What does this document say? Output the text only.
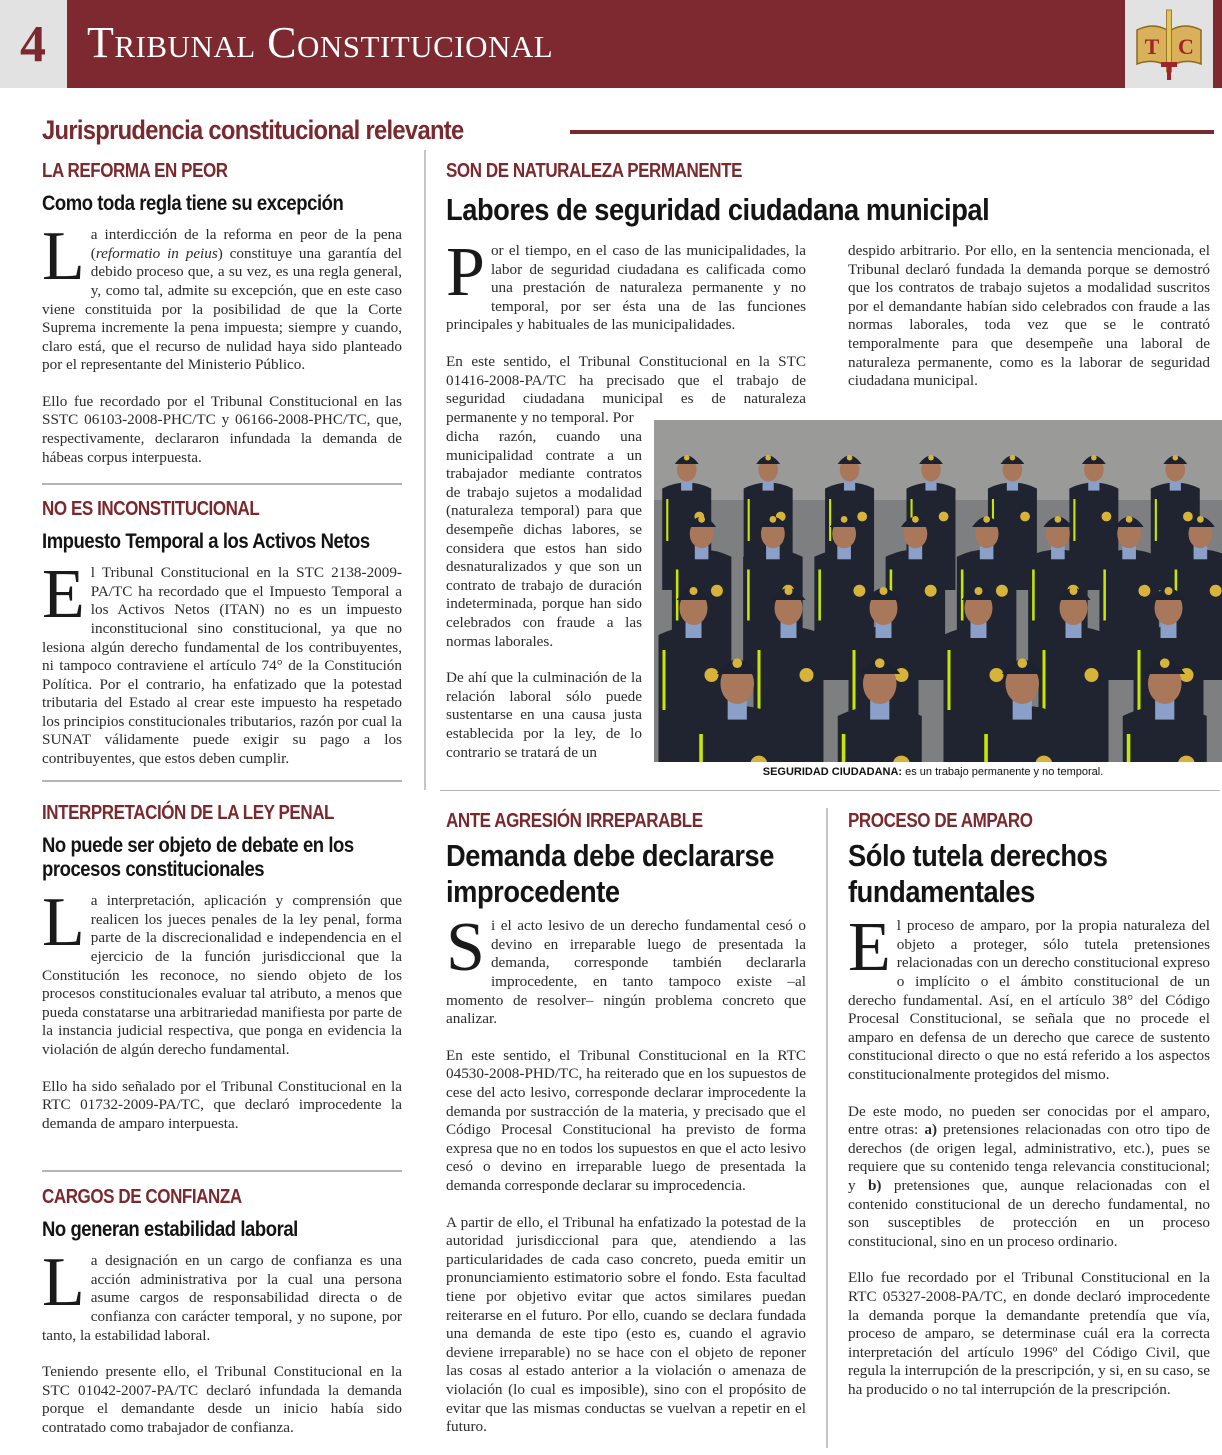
4 Tribunal Constitucional	T C
Jurisprudencia constitucional relevante
LA REFORMA EN PEOR
Como toda regla tiene su excepción

La interdicción de la reforma en peor de la pena (reformatio in peius) constituye una garantía del debido proceso que, a su vez, es una regla general, y, como tal, admite su excepción, que en este caso viene constituida por la posibilidad de que la Corte Suprema incremente la pena impuesta; siempre y cuando, claro está, que el recurso de nulidad haya sido planteado por el representante del Ministerio Público.

Ello fue recordado por el Tribunal Constitucional en las SSTC 06103-2008-PHC/TC y 06166-2008-PHC/TC, que, respectivamente, declararon infundada la demanda de hábeas corpus interpuesta.

NO ES INCONSTITUCIONAL
Impuesto Temporal a los Activos Netos

El Tribunal Constitucional en la STC 2138-2009-PA/TC ha recordado que el Impuesto Temporal a los Activos Netos (ITAN) no es un impuesto inconstitucional sino constitucional, ya que no lesiona algún derecho fundamental de los contribuyentes, ni tampoco contraviene el artículo 74° de la Constitución Política. Por el contrario, ha enfatizado que la potestad tributaria del Estado al crear este impuesto ha respetado los principios constitucionales tributarios, razón por cual la SUNAT válidamente puede exigir su pago a los contribuyentes, que estos deben cumplir.

INTERPRETACIÓN DE LA LEY PENAL
No puede ser objeto de debate en los procesos constitucionales

La interpretación, aplicación y comprensión que realicen los jueces penales de la ley penal, forma parte de la discrecionalidad e independencia en el ejercicio de la función jurisdiccional que la Constitución les reconoce, no siendo objeto de los procesos constitucionales evaluar tal atributo, a menos que pueda constatarse una arbitrariedad manifiesta por parte de la instancia judicial respectiva, que ponga en evidencia la violación de algún derecho fundamental.

Ello ha sido señalado por el Tribunal Constitucional en la RTC 01732-2009-PA/TC, que declaró improcedente la demanda de amparo interpuesta.

CARGOS DE CONFIANZA
No generan estabilidad laboral

La designación en un cargo de confianza es una acción administrativa por la cual una persona asume cargos de responsabilidad directa o de confianza con carácter temporal, y no supone, por tanto, la estabilidad laboral.

Teniendo presente ello, el Tribunal Constitucional en la STC 01042-2007-PA/TC declaró infundada la demanda porque el demandante desde un inicio había sido contratado como trabajador de confianza.

SON DE NATURALEZA PERMANENTE
Labores de seguridad ciudadana municipal

Por el tiempo, en el caso de las municipalidades, la labor de seguridad ciudadana es calificada como una prestación de naturaleza permanente y no temporal, por ser ésta una de las funciones principales y habituales de las municipalidades.

En este sentido, el Tribunal Constitucional en la STC 01416-2008-PA/TC ha precisado que el trabajo de seguridad ciudadana municipal es de naturaleza permanente y no temporal. Por

dicha razón, cuando una municipalidad contrate a un trabajador mediante contratos de trabajo sujetos a modalidad (naturaleza temporal) para que desempeñe dichas labores, se considera que estos han sido desnaturalizados y que son un contrato de trabajo de duración indeterminada, porque han sido celebrados con fraude a las normas laborales.

De ahí que la culminación de la relación laboral sólo puede sustentarse en una causa justa establecida por la ley, de lo contrario se tratará de un

despido arbitrario. Por ello, en la sentencia mencionada, el Tribunal declaró fundada la demanda porque se demostró que los contratos de trabajo sujetos a modalidad suscritos por el demandante habían sido celebrados con fraude a las normas laborales, toda vez que se le contrató temporalmente para que desempeñe una laboral de naturaleza permanente, como es la laborar de seguridad ciudadana municipal.

SEGURIDAD CIUDADANA: es un trabajo permanente y no temporal.
ANTE AGRESIÓN IRREPARABLE
Demanda debe declararse improcedente

Si el acto lesivo de un derecho fundamental cesó o devino en irreparable luego de presentada la demanda, corresponde también declararla improcedente, en tanto tampoco existe –al momento de resolver– ningún problema concreto que analizar.

En este sentido, el Tribunal Constitucional en la RTC 04530-2008-PHD/TC, ha reiterado que en los supuestos de cese del acto lesivo, corresponde declarar improcedente la demanda por sustracción de la materia, y precisado que el Código Procesal Constitucional ha previsto de forma expresa que no en todos los supuestos en que el acto lesivo cesó o devino en irreparable luego de presentada la demanda corresponde declarar su improcedencia.

A partir de ello, el Tribunal ha enfatizado la potestad de la autoridad jurisdiccional para que, atendiendo a las particularidades de cada caso concreto, pueda emitir un pronunciamiento estimatorio sobre el fondo. Esta facultad tiene por objetivo evitar que actos similares puedan reiterarse en el futuro. Por ello, cuando se declara fundada una demanda de este tipo (esto es, cuando el agravio deviene irreparable) no se hace con el objeto de reponer las cosas al estado anterior a la violación o amenaza de violación (lo cual es imposible), sino con el propósito de evitar que las mismas conductas se vuelvan a repetir en el futuro.

PROCESO DE AMPARO
Sólo tutela derechos fundamentales

El proceso de amparo, por la propia naturaleza del objeto a proteger, sólo tutela pretensiones relacionadas con un derecho constitucional expreso o implícito o el ámbito constitucional de un derecho fundamental. Así, en el artículo 38° del Código Procesal Constitucional, se señala que no procede el amparo en defensa de un derecho que carece de sustento constitucional directo o que no está referido a los aspectos constitucionalmente protegidos del mismo.

De este modo, no pueden ser conocidas por el amparo, entre otras: a) pretensiones relacionadas con otro tipo de derechos (de origen legal, administrativo, etc.), pues se requiere que su contenido tenga relevancia constitucional; y b) pretensiones que, aunque relacionadas con el contenido constitucional de un derecho fundamental, no son susceptibles de protección en un proceso constitucional, sino en un proceso ordinario.

Ello fue recordado por el Tribunal Constitucional en la RTC 05327-2008-PA/TC, en donde declaró improcedente la demanda porque la demandante pretendía que vía, proceso de amparo, se determinase cuál era la correcta interpretación del artículo 1996º del Código Civil, que regula la interrupción de la prescripción, y si, en su caso, se ha producido o no tal interrupción de la prescripción.
